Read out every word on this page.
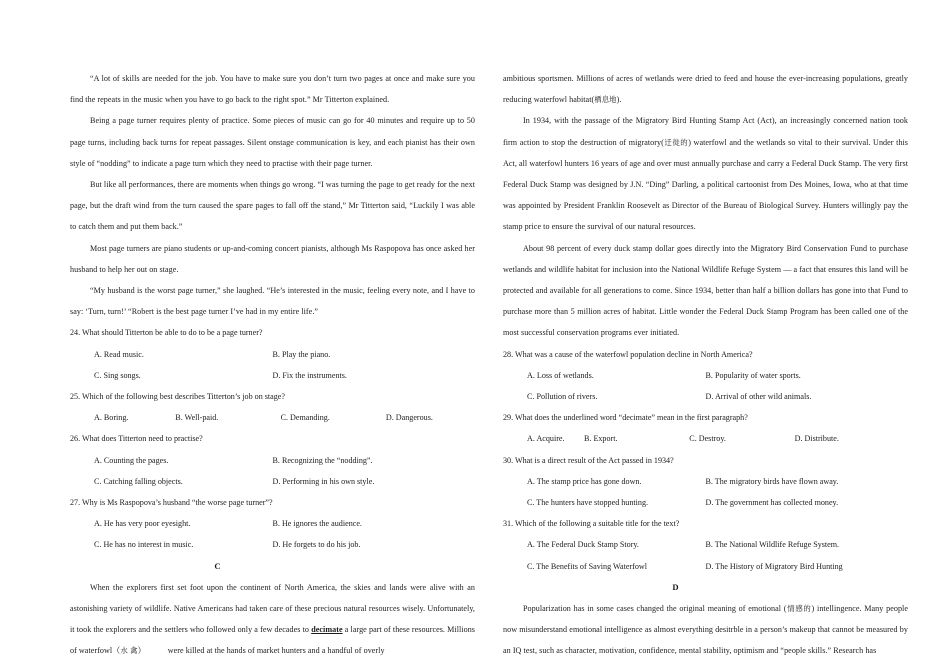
“A lot of skills are needed for the job. You have to make sure you don’t turn two pages at once and make sure you find the repeats in the music when you have to go back to the right spot.” Mr Titterton explained.

Being a page turner requires plenty of practice. Some pieces of music can go for 40 minutes and require up to 50 page turns, including back turns for repeat passages. Silent onstage communication is key, and each pianist has their own style of “nodding” to indicate a page turn which they need to practise with their page turner.

But like all performances, there are moments when things go wrong. “I was turning the page to get ready for the next page, but the draft wind from the turn caused the spare pages to fall off the stand,” Mr Titterton said, “Luckily I was able to catch them and put them back.”

Most page turners are piano students or up-and-coming concert pianists, although Ms Raspopova has once asked her husband to help her out on stage.

“My husband is the worst page turner,” she laughed. “He’s interested in the music, feeling every note, and I have to say: ‘Turn, turn!’ “Robert is the best page turner I’ve had in my entire life.”

24. What should Titterton be able to do to be a page turner?

A. Read music.	B. Play the piano.
C. Sing songs.	D. Fix the instruments.

25. Which of the following best describes Titterton’s job on stage?

A. Boring.	B. Well-paid.	C. Demanding.	D. Dangerous.

26. What does Titterton need to practise?

A. Counting the pages.	B. Recognizing the “nodding”.
C. Catching falling objects.	D. Performing in his own style.

27. Why is Ms Raspopova’s husband “the worse page turner”?

A. He has very poor eyesight.	B. He ignores the audience.
C. He has no interest in music.	D. He forgets to do his job.

C

When the explorers first set foot upon the continent of North America, the skies and lands were alive with an astonishing variety of wildlife. Native Americans had taken care of these precious natural resources wisely. Unfortunately, it took the explorers and the settlers who followed only a few decades to decimate a large part of these resources. Millions of waterfowl（水 禽）	were killed at the hands of market hunters and a handful of overly

ambitious sportsmen. Millions of acres of wetlands were dried to feed and house the ever-increasing populations, greatly reducing waterfowl habitat(栖息地).

In 1934, with the passage of the Migratory Bird Hunting Stamp Act (Act), an increasingly concerned nation took firm action to stop the destruction of migratory(迁徙的) waterfowl and the wetlands so vital to their survival. Under this Act, all waterfowl hunters 16 years of age and over must annually purchase and carry a Federal Duck Stamp. The very first Federal Duck Stamp was designed by J.N. “Ding” Darling, a political cartoonist from Des Moines, Iowa, who at that time was appointed by President Franklin Roosevelt as Director of the Bureau of Biological Survey. Hunters willingly pay the stamp price to ensure the survival of our natural resources.

About 98 percent of every duck stamp dollar goes directly into the Migratory Bird Conservation Fund to purchase wetlands and wildlife habitat for inclusion into the National Wildlife Refuge System — a fact that ensures this land will be protected and available for all generations to come. Since 1934, better than half a billion dollars has gone into that Fund to purchase more than 5 million acres of habitat. Little wonder the Federal Duck Stamp Program has been called one of the most successful conservation programs ever initiated.

28. What was a cause of the waterfowl population decline in North America?

A. Loss of wetlands.	B. Popularity of water sports.
C. Pollution of rivers.	D. Arrival of other wild animals.

29. What does the underlined word “decimate” mean in the first paragraph?

A. Acquire.	B. Export.	C. Destroy.	D. Distribute.

30. What is a direct result of the Act passed in 1934?

A. The stamp price has gone down.	B. The migratory birds have flown away.
C. The hunters have stopped hunting.	D. The government has collected money.

31. Which of the following a suitable title for the text?

A. The Federal Duck Stamp Story.	B. The National Wildlife Refuge System.
C. The Benefits of Saving Waterfowl	D. The History of Migratory Bird Hunting

D

Popularization has in some cases changed the original meaning of emotional (情感的) intellingence. Many people now misunderstand emotional intelligence as almost everything desitrble in a person’s makeup that cannot be measured by an IQ test, such as character, motivation, confidence, mental stability, optimism and “people skills.” Research has
